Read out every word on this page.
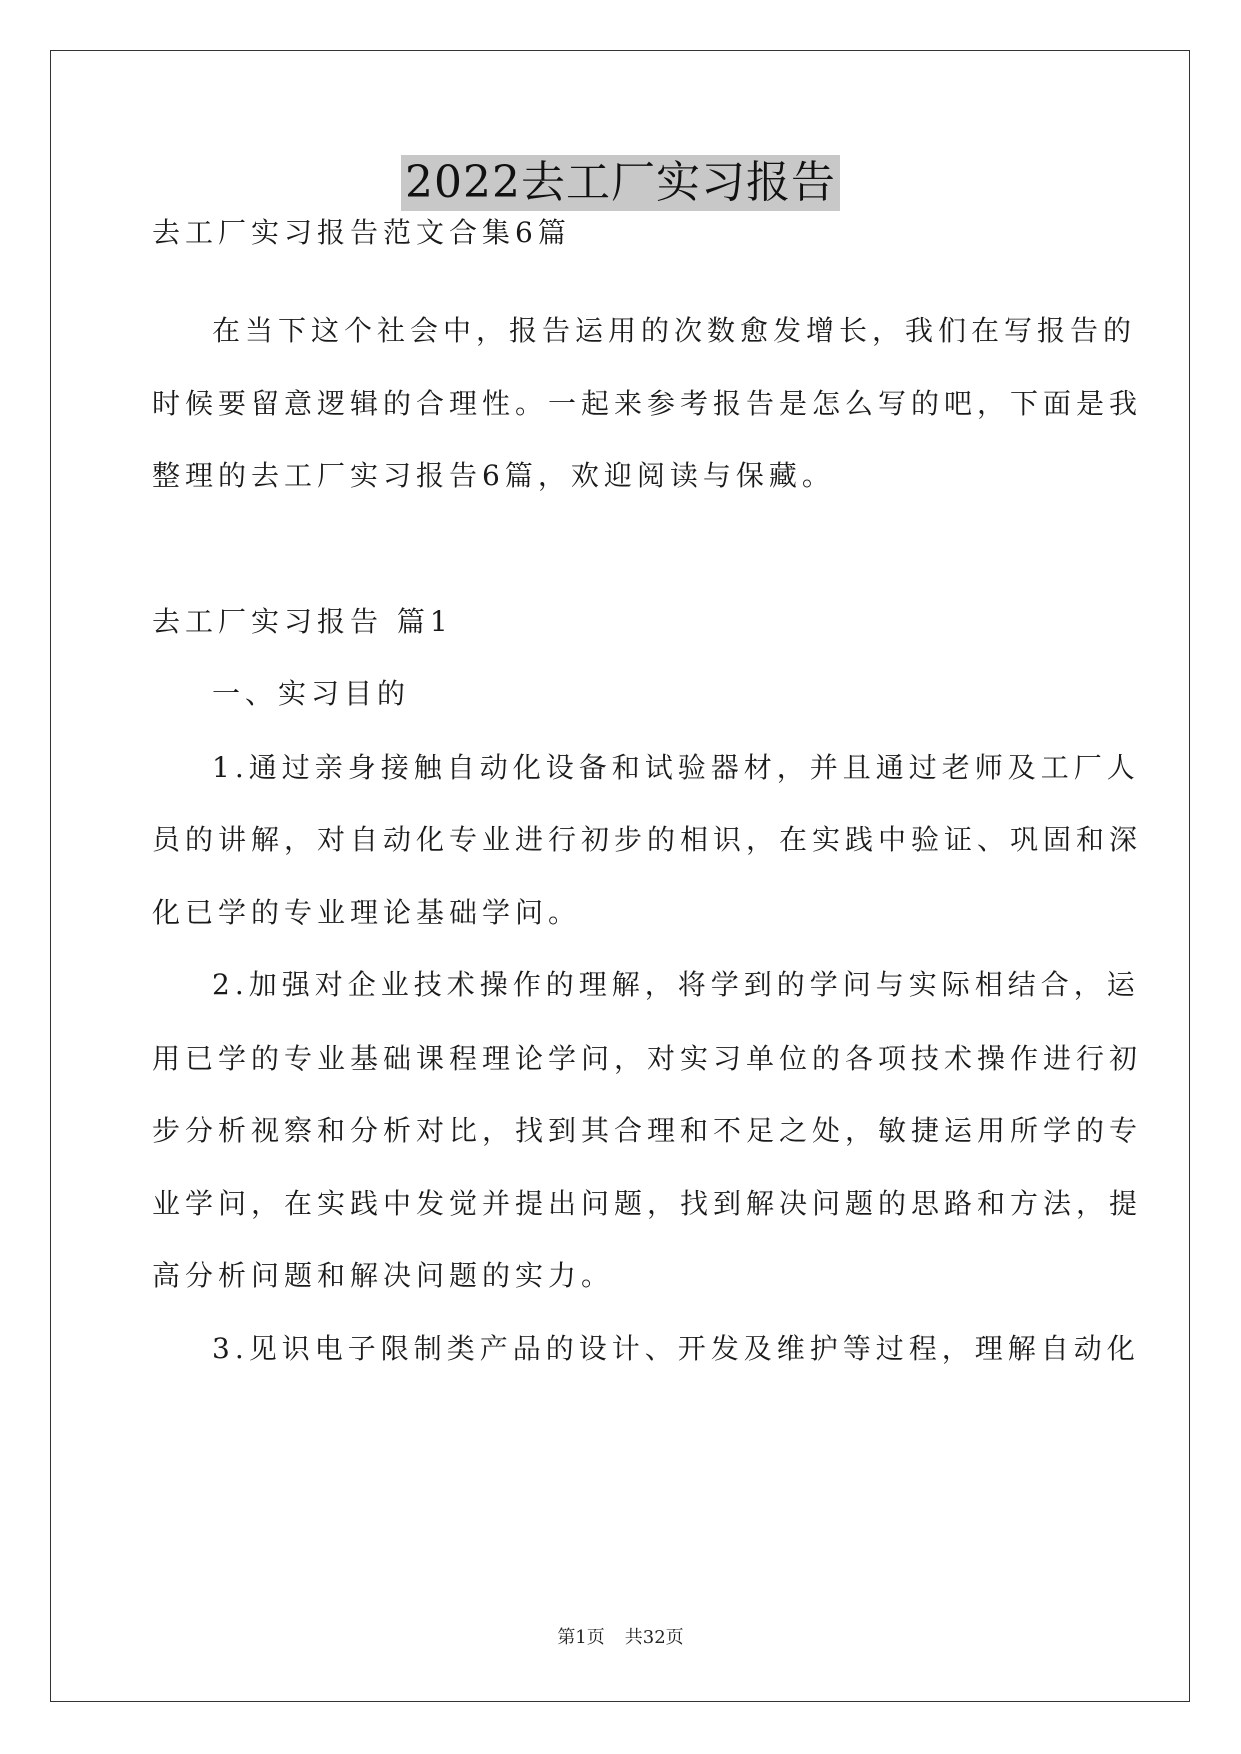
2022去工厂实习报告
去工厂实习报告范文合集6篇
在当下这个社会中，报告运用的次数愈发增长，我们在写报告的
时候要留意逻辑的合理性。一起来参考报告是怎么写的吧，下面是我
整理的去工厂实习报告6篇，欢迎阅读与保藏。
去工厂实习报告 篇1
一、实习目的
1.通过亲身接触自动化设备和试验器材，并且通过老师及工厂人
员的讲解，对自动化专业进行初步的相识，在实践中验证、巩固和深
化已学的专业理论基础学问。
2.加强对企业技术操作的理解，将学到的学问与实际相结合，运
用已学的专业基础课程理论学问，对实习单位的各项技术操作进行初
步分析视察和分析对比，找到其合理和不足之处，敏捷运用所学的专
业学问，在实践中发觉并提出问题，找到解决问题的思路和方法，提
高分析问题和解决问题的实力。
3.见识电子限制类产品的设计、开发及维护等过程，理解自动化
第1页 共32页
